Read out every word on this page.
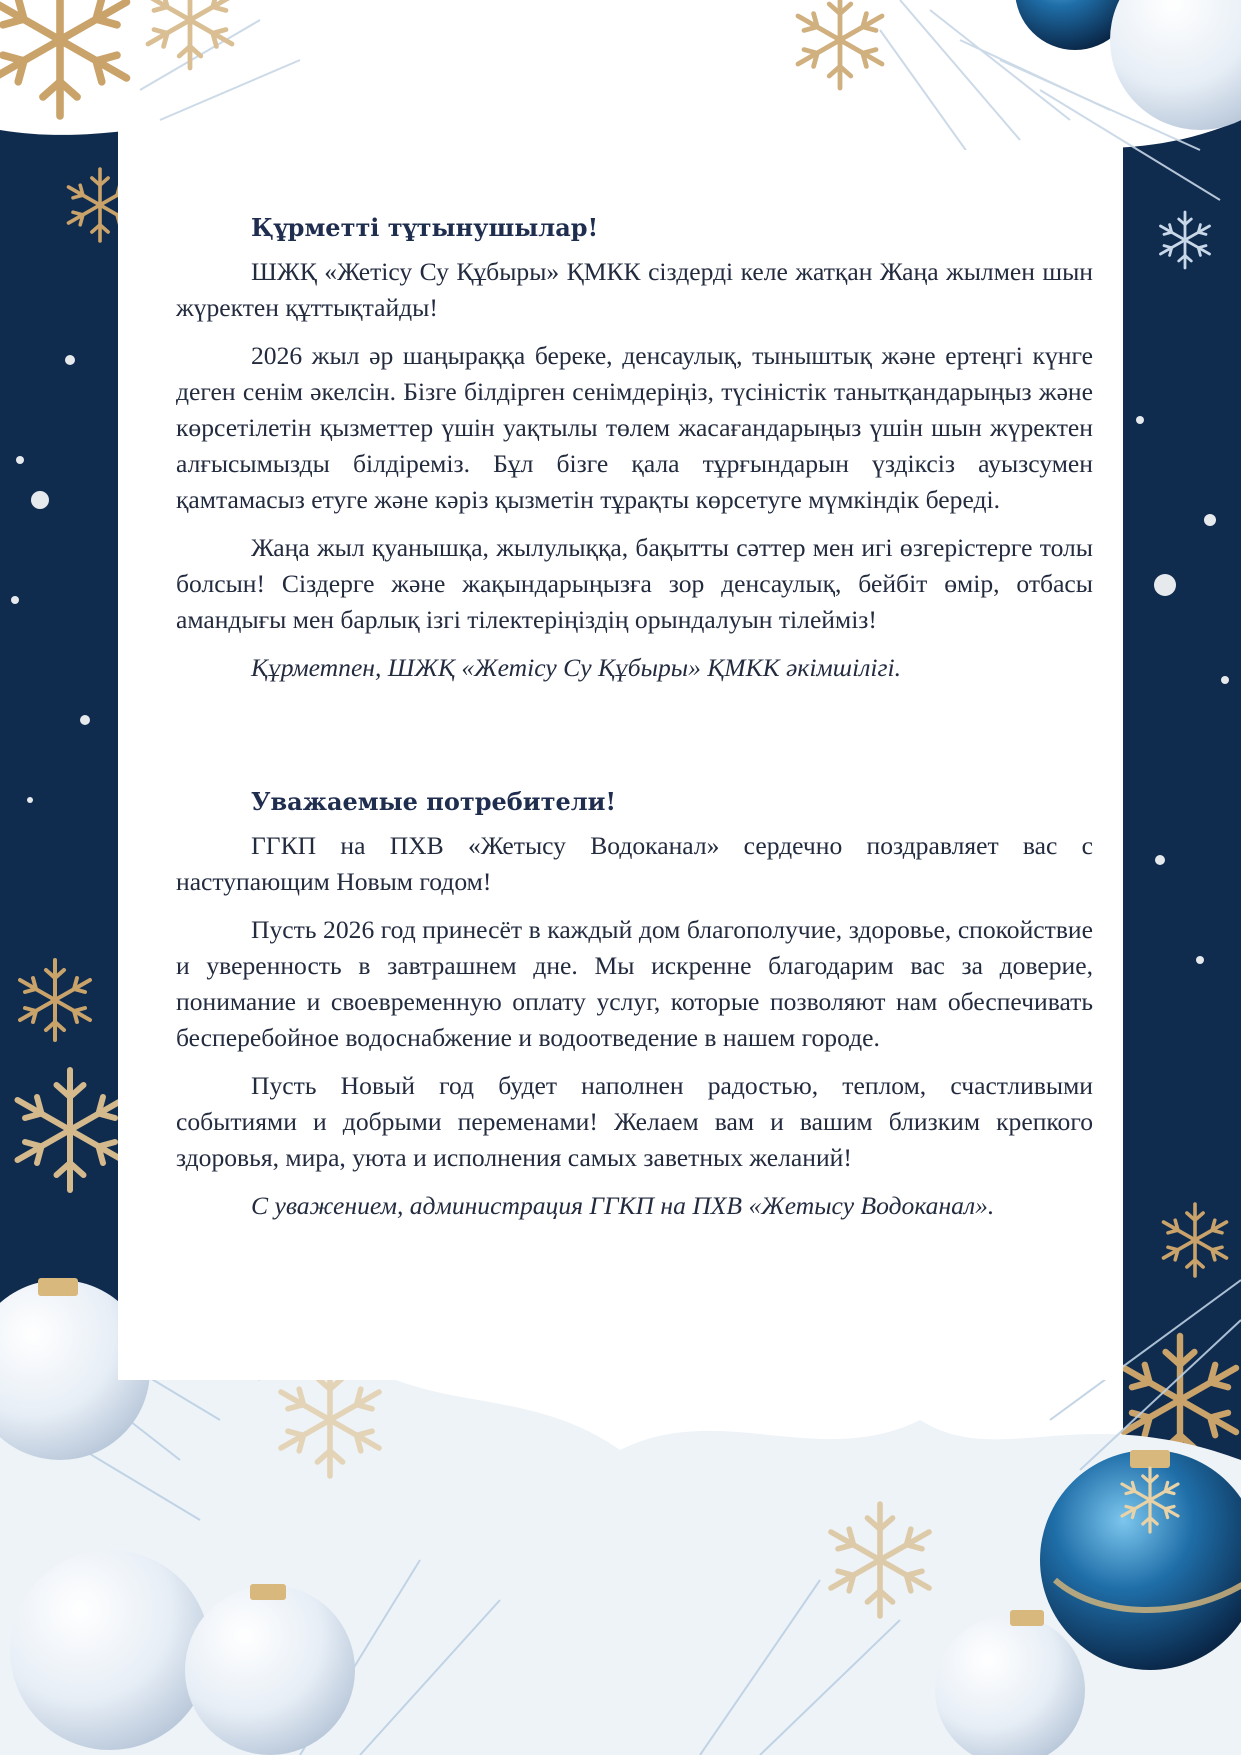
Құрметті тұтынушылар!

ШЖҚ «Жетісу Су Құбыры» ҚМКК сіздерді келе жатқан Жаңа жылмен шын жүректен құттықтайды!

2026 жыл әр шаңыраққа береке, денсаулық, тыныштық және ертеңгі күнге деген сенім әкелсін. Бізге білдірген сенімдеріңіз, түсіністік танытқандарыңыз және көрсетілетін қызметтер үшін уақтылы төлем жасағандарыңыз үшін шын жүректен алғысымызды білдіреміз. Бұл бізге қала тұрғындарын үздіксіз ауызсумен қамтамасыз етуге және кәріз қызметін тұрақты көрсетуге мүмкіндік береді.

Жаңа жыл қуанышқа, жылулыққа, бақытты сәттер мен игі өзгерістерге толы болсын! Сіздерге және жақындарыңызға зор денсаулық, бейбіт өмір, отбасы амандығы мен барлық ізгі тілектеріңіздің орындалуын тілейміз!

Құрметпен, ШЖҚ «Жетісу Су Құбыры» ҚМКК әкімшілігі.

Уважаемые потребители!

ГГКП на ПХВ «Жетысу Водоканал» сердечно поздравляет вас с наступающим Новым годом!

Пусть 2026 год принесёт в каждый дом благополучие, здоровье, спокойствие и уверенность в завтрашнем дне. Мы искренне благодарим вас за доверие, понимание и своевременную оплату услуг, которые позволяют нам обеспечивать бесперебойное водоснабжение и водоотведение в нашем городе.

Пусть Новый год будет наполнен радостью, теплом, счастливыми событиями и добрыми переменами! Желаем вам и вашим близким крепкого здоровья, мира, уюта и исполнения самых заветных желаний!

С уважением, администрация ГГКП на ПХВ «Жетысу Водоканал».
